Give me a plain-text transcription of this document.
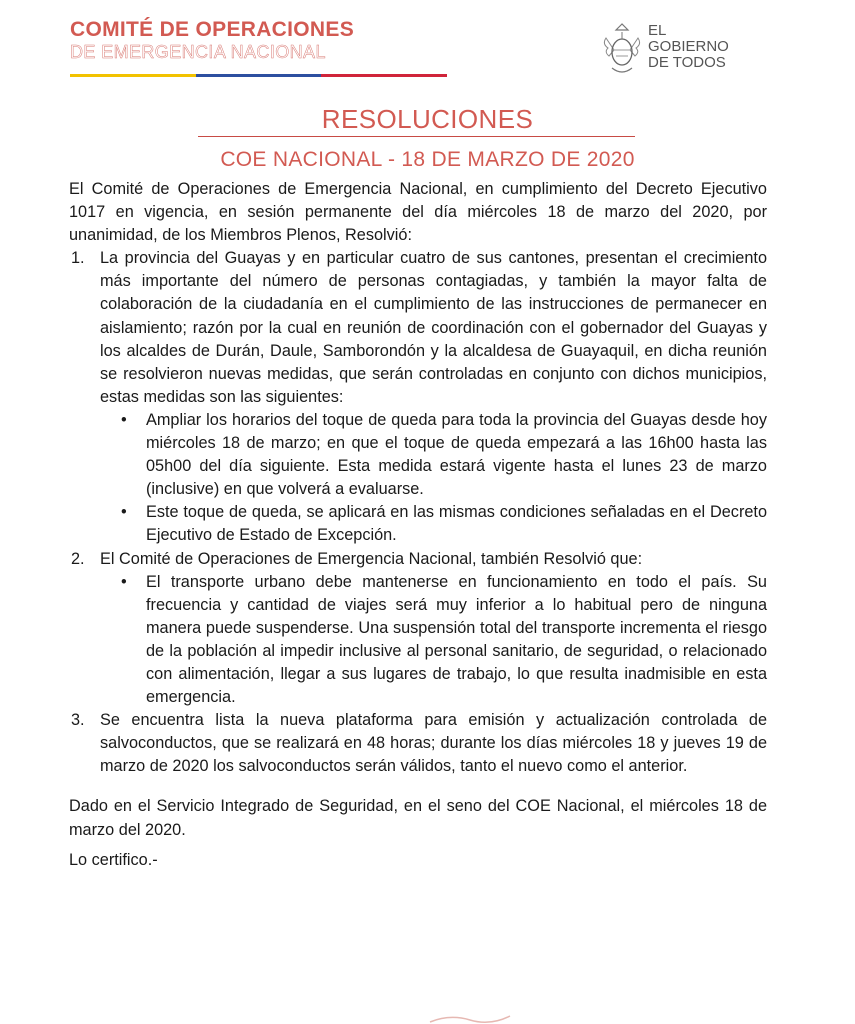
COMITÉ DE OPERACIONES
DE EMERGENCIA NACIONAL
EL
GOBIERNO
DE TODOS
RESOLUCIONES
COE NACIONAL - 18 DE MARZO DE 2020

El Comité de Operaciones de Emergencia Nacional, en cumplimiento del Decreto Ejecutivo 1017 en vigencia, en sesión permanente del día miércoles 18 de marzo del 2020, por unanimidad, de los Miembros Plenos, Resolvió:

1. La provincia del Guayas y en particular cuatro de sus cantones, presentan el crecimiento más importante del número de personas contagiadas, y también la mayor falta de colaboración de la ciudadanía en el cumplimiento de las instrucciones de permanecer en aislamiento; razón por la cual en reunión de coordinación con el gobernador del Guayas y los alcaldes de Durán, Daule, Samborondón y la alcaldesa de Guayaquil, en dicha reunión se resolvieron nuevas medidas, que serán controladas en conjunto con dichos municipios, estas medidas son las siguientes:
• Ampliar los horarios del toque de queda para toda la provincia del Guayas desde hoy miércoles 18 de marzo; en que el toque de queda empezará a las 16h00 hasta las 05h00 del día siguiente. Esta medida estará vigente hasta el lunes 23 de marzo (inclusive) en que volverá a evaluarse.
• Este toque de queda, se aplicará en las mismas condiciones señaladas en el Decreto Ejecutivo de Estado de Excepción.
2. El Comité de Operaciones de Emergencia Nacional, también Resolvió que:
• El transporte urbano debe mantenerse en funcionamiento en todo el país. Su frecuencia y cantidad de viajes será muy inferior a lo habitual pero de ninguna manera puede suspenderse. Una suspensión total del transporte incrementa el riesgo de la población al impedir inclusive al personal sanitario, de seguridad, o relacionado con alimentación, llegar a sus lugares de trabajo, lo que resulta inadmisible en esta emergencia.
3. Se encuentra lista la nueva plataforma para emisión y actualización controlada de salvoconductos, que se realizará en 48 horas; durante los días miércoles 18 y jueves 19 de marzo de 2020 los salvoconductos serán válidos, tanto el nuevo como el anterior.

Dado en el Servicio Integrado de Seguridad, en el seno del COE Nacional, el miércoles 18 de marzo del 2020.

Lo certifico.-
